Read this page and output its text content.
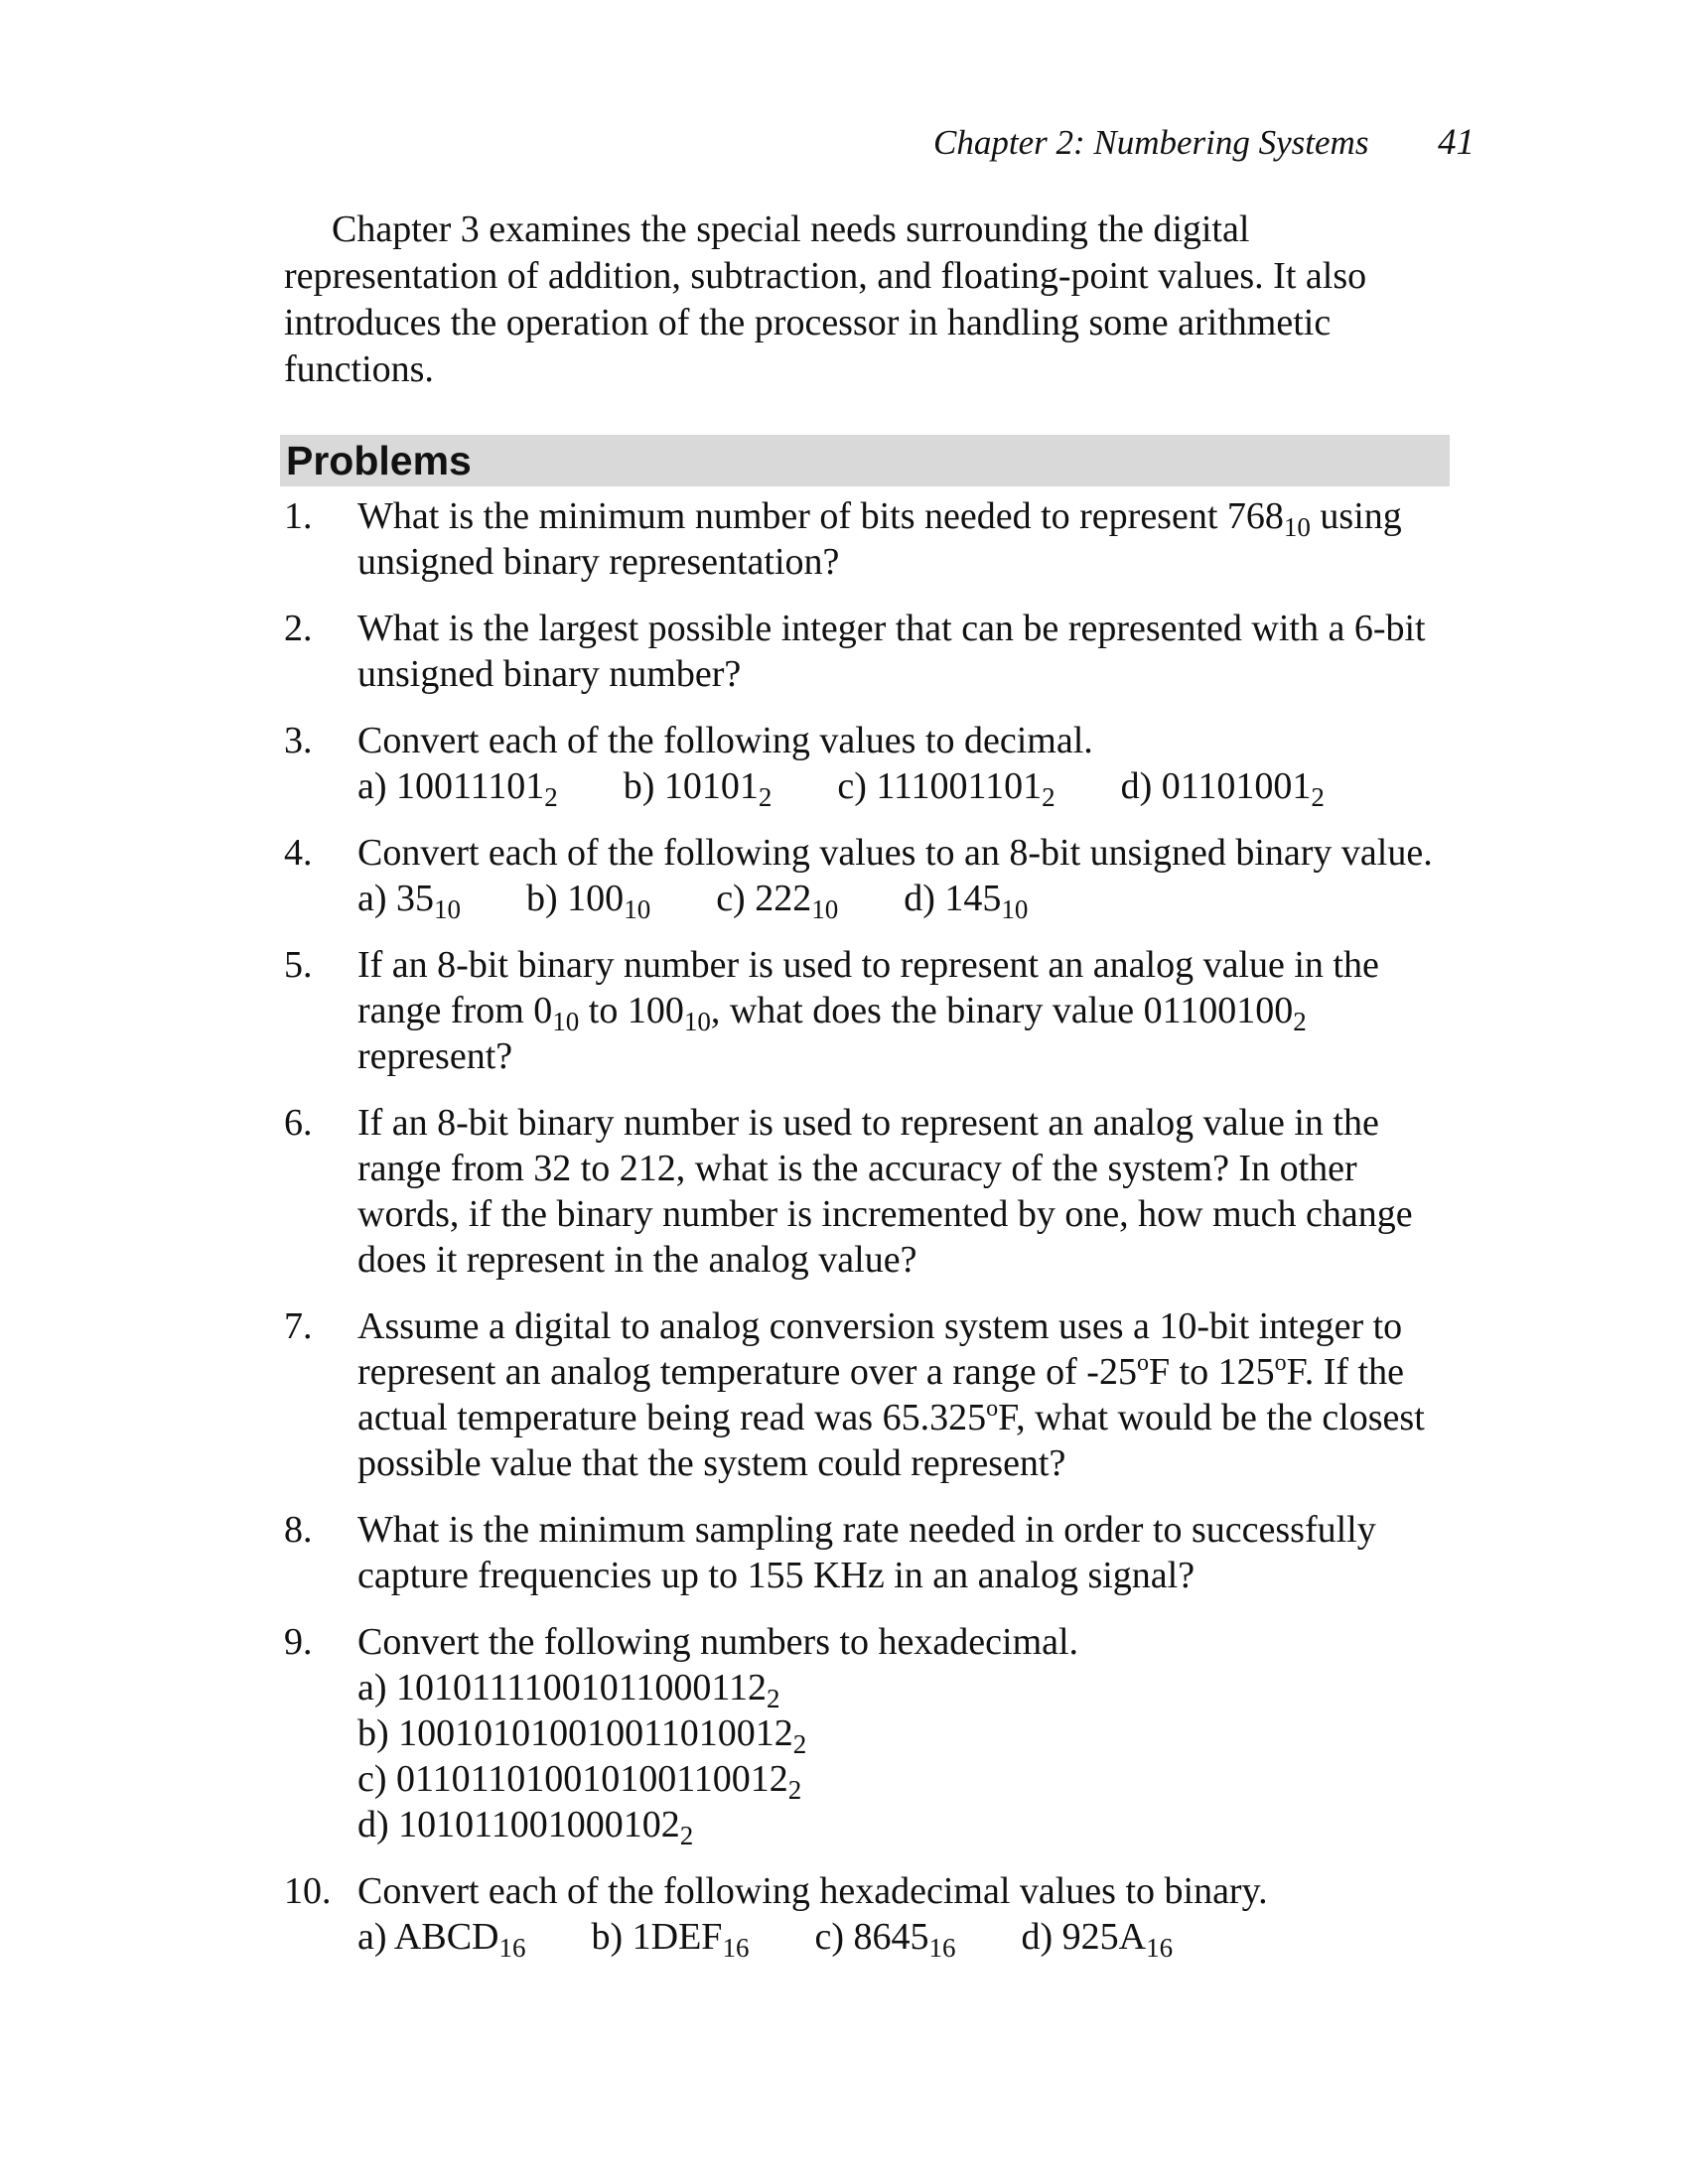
Chapter 2: Numbering Systems 41

Chapter 3 examines the special needs surrounding the digital representation of addition, subtraction, and floating-point values. It also introduces the operation of the processor in handling some arithmetic functions.

Problems
1. What is the minimum number of bits needed to represent $768_{10}$ using unsigned binary representation?
2. What is the largest possible integer that can be represented with a 6-bit unsigned binary number?
3. Convert each of the following values to decimal.
a) $10011101_2$ b) $10101_2$ c) $111001101_2$ d) $01101001_2$
4. Convert each of the following values to an 8-bit unsigned binary value.
a) $35_{10}$ b) $100_{10}$ c) $222_{10}$ d) $145_{10}$
5. If an 8-bit binary number is used to represent an analog value in the range from $0_{10}$ to $100_{10}$, what does the binary value $01100100_2$ represent?
6. If an 8-bit binary number is used to represent an analog value in the range from 32 to 212, what is the accuracy of the system? In other words, if the binary number is incremented by one, how much change does it represent in the analog value?
7. Assume a digital to analog conversion system uses a 10-bit integer to represent an analog temperature over a range of -25$^o$F to 125$^o$F. If the actual temperature being read was 65.325$^o$F, what would be the closest possible value that the system could represent?
8. What is the minimum sampling rate needed in order to successfully capture frequencies up to 155 KHz in an analog signal?
9. Convert the following numbers to hexadecimal.
a) $10101111001011000112_2$
b) $100101010010011010012_2$
c) $011011010010100110012_2$
d) $101011001000102_2$
10. Convert each of the following hexadecimal values to binary.
a) $ABCD_{16}$ b) $1DEF_{16}$ c) $8645_{16}$ d) $925A_{16}$
